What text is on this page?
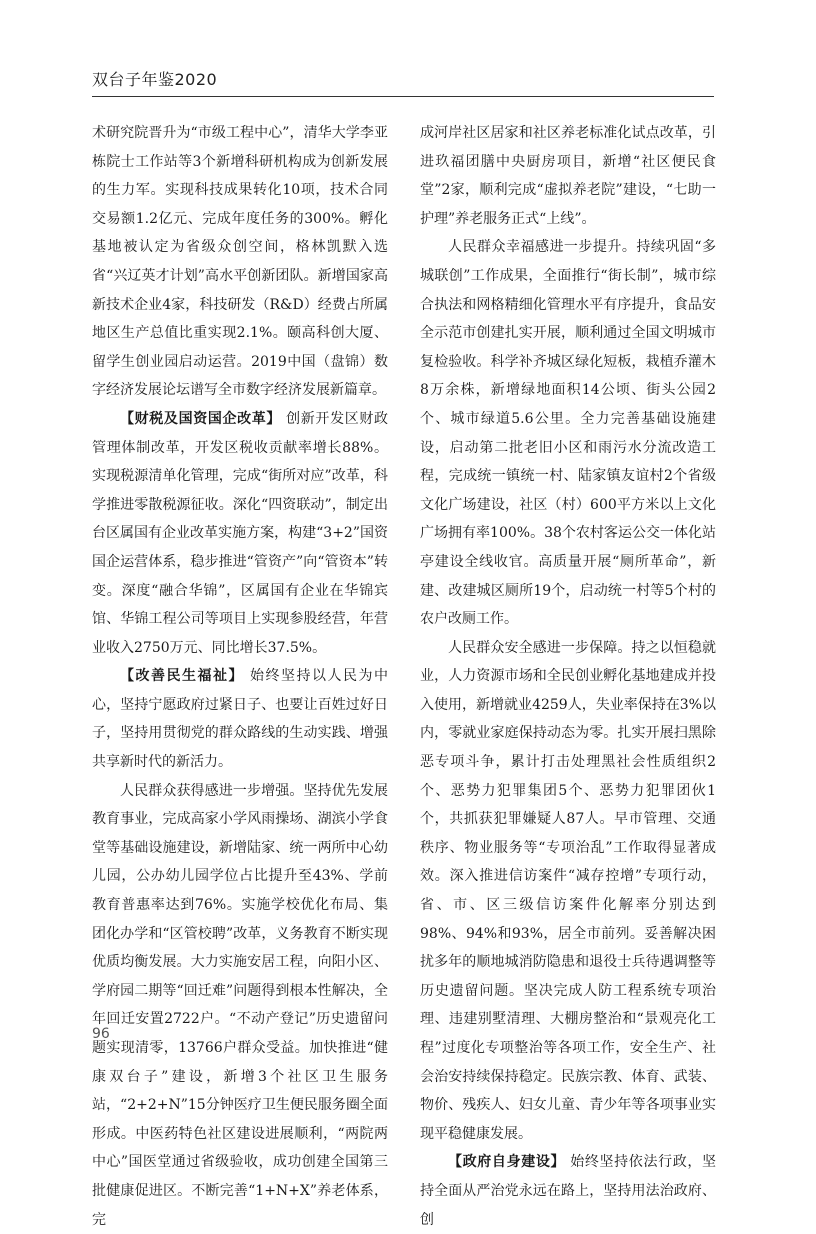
双台子年鉴2020

术研究院晋升为“市级工程中心”，清华大学李亚栋院士工作站等3个新增科研机构成为创新发展的生力军。实现科技成果转化10项，技术合同交易额1.2亿元、完成年度任务的300%。孵化基地被认定为省级众创空间，格林凯默入选省“兴辽英才计划”高水平创新团队。新增国家高新技术企业4家，科技研发（R&D）经费占所属地区生产总值比重实现2.1%。颐高科创大厦、留学生创业园启动运营。2019中国（盘锦）数字经济发展论坛谱写全市数字经济发展新篇章。

【财税及国资国企改革】 创新开发区财政管理体制改革，开发区税收贡献率增长88%。实现税源清单化管理，完成“街所对应”改革，科学推进零散税源征收。深化“四资联动”，制定出台区属国有企业改革实施方案，构建“3+2”国资国企运营体系，稳步推进“管资产”向“管资本”转变。深度“融合华锦”，区属国有企业在华锦宾馆、华锦工程公司等项目上实现参股经营，年营业收入2750万元、同比增长37.5%。

【改善民生福祉】 始终坚持以人民为中心，坚持宁愿政府过紧日子、也要让百姓过好日子，坚持用贯彻党的群众路线的生动实践、增强共享新时代的新活力。

人民群众获得感进一步增强。坚持优先发展教育事业，完成高家小学风雨操场、湖滨小学食堂等基础设施建设，新增陆家、统一两所中心幼儿园，公办幼儿园学位占比提升至43%、学前教育普惠率达到76%。实施学校优化布局、集团化办学和“区管校聘”改革，义务教育不断实现优质均衡发展。大力实施安居工程，向阳小区、学府园二期等“回迁难”问题得到根本性解决，全年回迁安置2722户。“不动产登记”历史遗留问题实现清零，13766户群众受益。加快推进“健康双台子”建设，新增3个社区卫生服务站，“2+2+N”15分钟医疗卫生便民服务圈全面形成。中医药特色社区建设进展顺利，“两院两中心”国医堂通过省级验收，成功创建全国第三批健康促进区。不断完善“1+N+X”养老体系，完

成河岸社区居家和社区养老标准化试点改革，引进玖福团膳中央厨房项目，新增“社区便民食堂”2家，顺利完成“虚拟养老院”建设，“七助一护理”养老服务正式“上线”。

人民群众幸福感进一步提升。持续巩固“多城联创”工作成果，全面推行“街长制”，城市综合执法和网格精细化管理水平有序提升，食品安全示范市创建扎实开展，顺利通过全国文明城市复检验收。科学补齐城区绿化短板，栽植乔灌木8万余株，新增绿地面积14公顷、街头公园2个、城市绿道5.6公里。全力完善基础设施建设，启动第二批老旧小区和雨污水分流改造工程，完成统一镇统一村、陆家镇友谊村2个省级文化广场建设，社区（村）600平方米以上文化广场拥有率100%。38个农村客运公交一体化站亭建设全线收官。高质量开展“厕所革命”，新建、改建城区厕所19个，启动统一村等5个村的农户改厕工作。

人民群众安全感进一步保障。持之以恒稳就业，人力资源市场和全民创业孵化基地建成并投入使用，新增就业4259人，失业率保持在3%以内，零就业家庭保持动态为零。扎实开展扫黑除恶专项斗争，累计打击处理黑社会性质组织2个、恶势力犯罪集团5个、恶势力犯罪团伙1个，共抓获犯罪嫌疑人87人。早市管理、交通秩序、物业服务等“专项治乱”工作取得显著成效。深入推进信访案件“减存控增”专项行动，省、市、区三级信访案件化解率分别达到98%、94%和93%，居全市前列。妥善解决困扰多年的顺地城消防隐患和退役士兵待遇调整等历史遗留问题。坚决完成人防工程系统专项治理、违建别墅清理、大棚房整治和“景观亮化工程”过度化专项整治等各项工作，安全生产、社会治安持续保持稳定。民族宗教、体育、武装、物价、残疾人、妇女儿童、青少年等各项事业实现平稳健康发展。

【政府自身建设】 始终坚持依法行政，坚持全面从严治党永远在路上，坚持用法治政府、创

96
